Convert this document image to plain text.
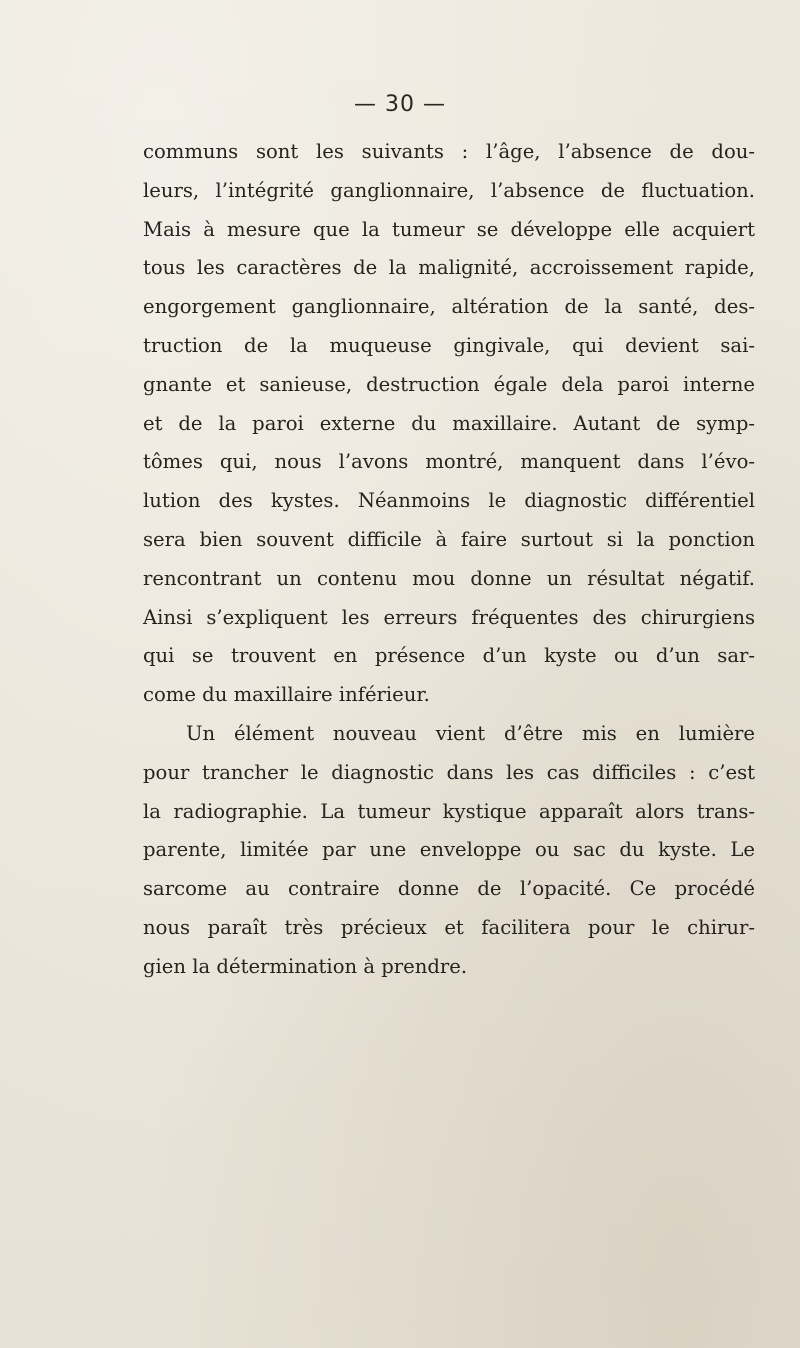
— 30 —

communs sont les suivants : l’âge, l’absence de dou-
leurs, l’intégrité ganglionnaire, l’absence de fluctuation.
Mais à mesure que la tumeur se développe elle acquiert
tous les caractères de la malignité, accroissement rapide,
engorgement ganglionnaire, altération de la santé, des-
truction de la muqueuse gingivale, qui devient sai-
gnante et sanieuse, destruction égale dela paroi interne
et de la paroi externe du maxillaire. Autant de symp-
tômes qui, nous l’avons montré, manquent dans l’évo-
lution des kystes. Néanmoins le diagnostic différentiel
sera bien souvent difficile à faire surtout si la ponction
rencontrant un contenu mou donne un résultat négatif.
Ainsi s’expliquent les erreurs fréquentes des chirurgiens
qui se trouvent en présence d’un kyste ou d’un sar-
come du maxillaire inférieur.

Un élément nouveau vient d’être mis en lumière
pour trancher le diagnostic dans les cas difficiles : c’est
la radiographie. La tumeur kystique apparaît alors trans-
parente, limitée par une enveloppe ou sac du kyste. Le
sarcome au contraire donne de l’opacité. Ce procédé
nous paraît très précieux et facilitera pour le chirur-
gien la détermination à prendre.
